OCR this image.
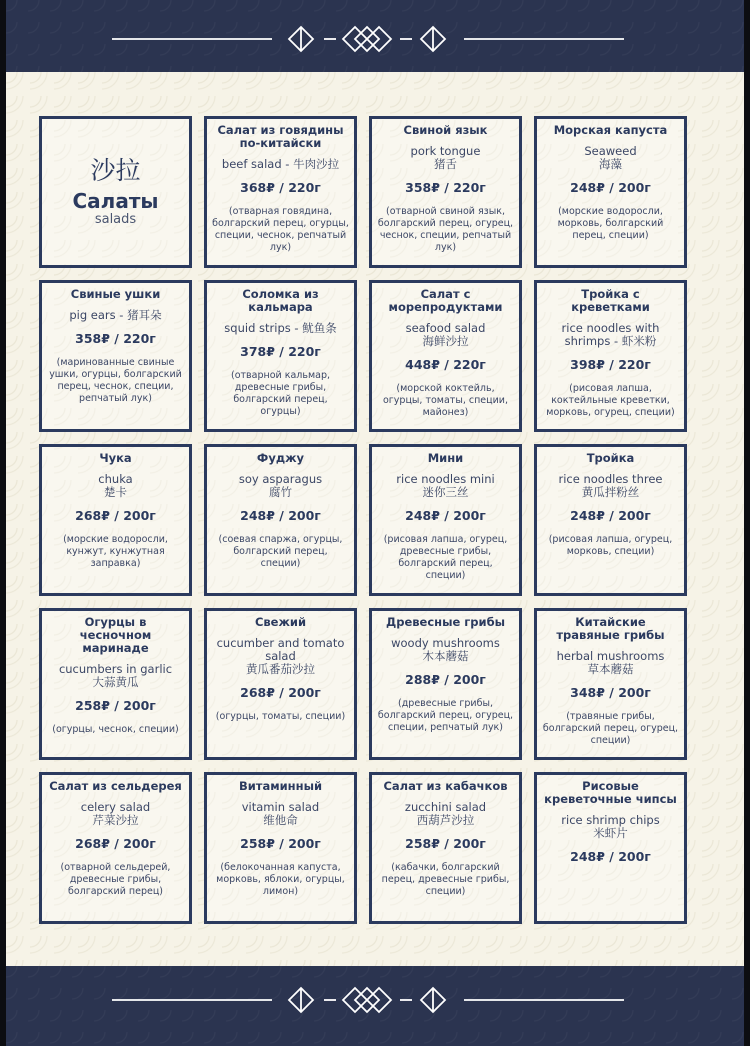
沙拉
Салаты
salads
Салат из говядины по-китайски
beef salad - 牛肉沙拉
368₽ / 220г
(отварная говядина, болгарский перец, огурцы, специи, чеснок, репчатый лук)
Свиной язык
pork tongue
猪舌
358₽ / 220г
(отварной свиной язык, болгарский перец, огурец, чеснок, специи, репчатый лук)
Морская капуста
Seaweed
海藻
248₽ / 200г
(морские водоросли, морковь, болгарский перец, специи)
Свиные ушки
pig ears - 猪耳朵
358₽ / 220г
(маринованные свиные ушки, огурцы, болгарский перец, чеснок, специи, репчатый лук)
Соломка из кальмара
squid strips - 鱿鱼条
378₽ / 220г
(отварной кальмар, древесные грибы, болгарский перец, огурцы)
Салат с морепродуктами
seafood salad
海鲜沙拉
448₽ / 220г
(морской коктейль, огурцы, томаты, специи, майонез)
Тройка с креветками
rice noodles with shrimps - 虾米粉
398₽ / 220г
(рисовая лапша, коктейльные креветки, морковь, огурец, специи)
Чука
chuka
楚卡
268₽ / 200г
(морские водоросли, кунжут, кунжутная заправка)
Фуджу
soy asparagus
腐竹
248₽ / 200г
(соевая спаржа, огурцы, болгарский перец, специи)
Мини
rice noodles mini
迷你三丝
248₽ / 200г
(рисовая лапша, огурец, древесные грибы, болгарский перец, специи)
Тройка
rice noodles three
黄瓜拌粉丝
248₽ / 200г
(рисовая лапша, огурец, морковь, специи)
Огурцы в чесночном маринаде
cucumbers in garlic
大蒜黄瓜
258₽ / 200г
(огурцы, чеснок, специи)
Свежий
cucumber and tomato salad
黄瓜番茄沙拉
268₽ / 200г
(огурцы, томаты, специи)
Древесные грибы
woody mushrooms
木本蘑菇
288₽ / 200г
(древесные грибы, болгарский перец, огурец, специи, репчатый лук)
Китайские травяные грибы
herbal mushrooms
草本蘑菇
348₽ / 200г
(травяные грибы, болгарский перец, огурец, специи)
Салат из сельдерея
celery salad
芹菜沙拉
268₽ / 200г
(отварной сельдерей, древесные грибы, болгарский перец)
Витаминный
vitamin salad
维他命
258₽ / 200г
(белокочанная капуста, морковь, яблоки, огурцы, лимон)
Салат из кабачков
zucchini salad
西葫芦沙拉
258₽ / 200г
(кабачки, болгарский перец, древесные грибы, специи)
Рисовые креветочные чипсы
rice shrimp chips
米虾片
248₽ / 200г
